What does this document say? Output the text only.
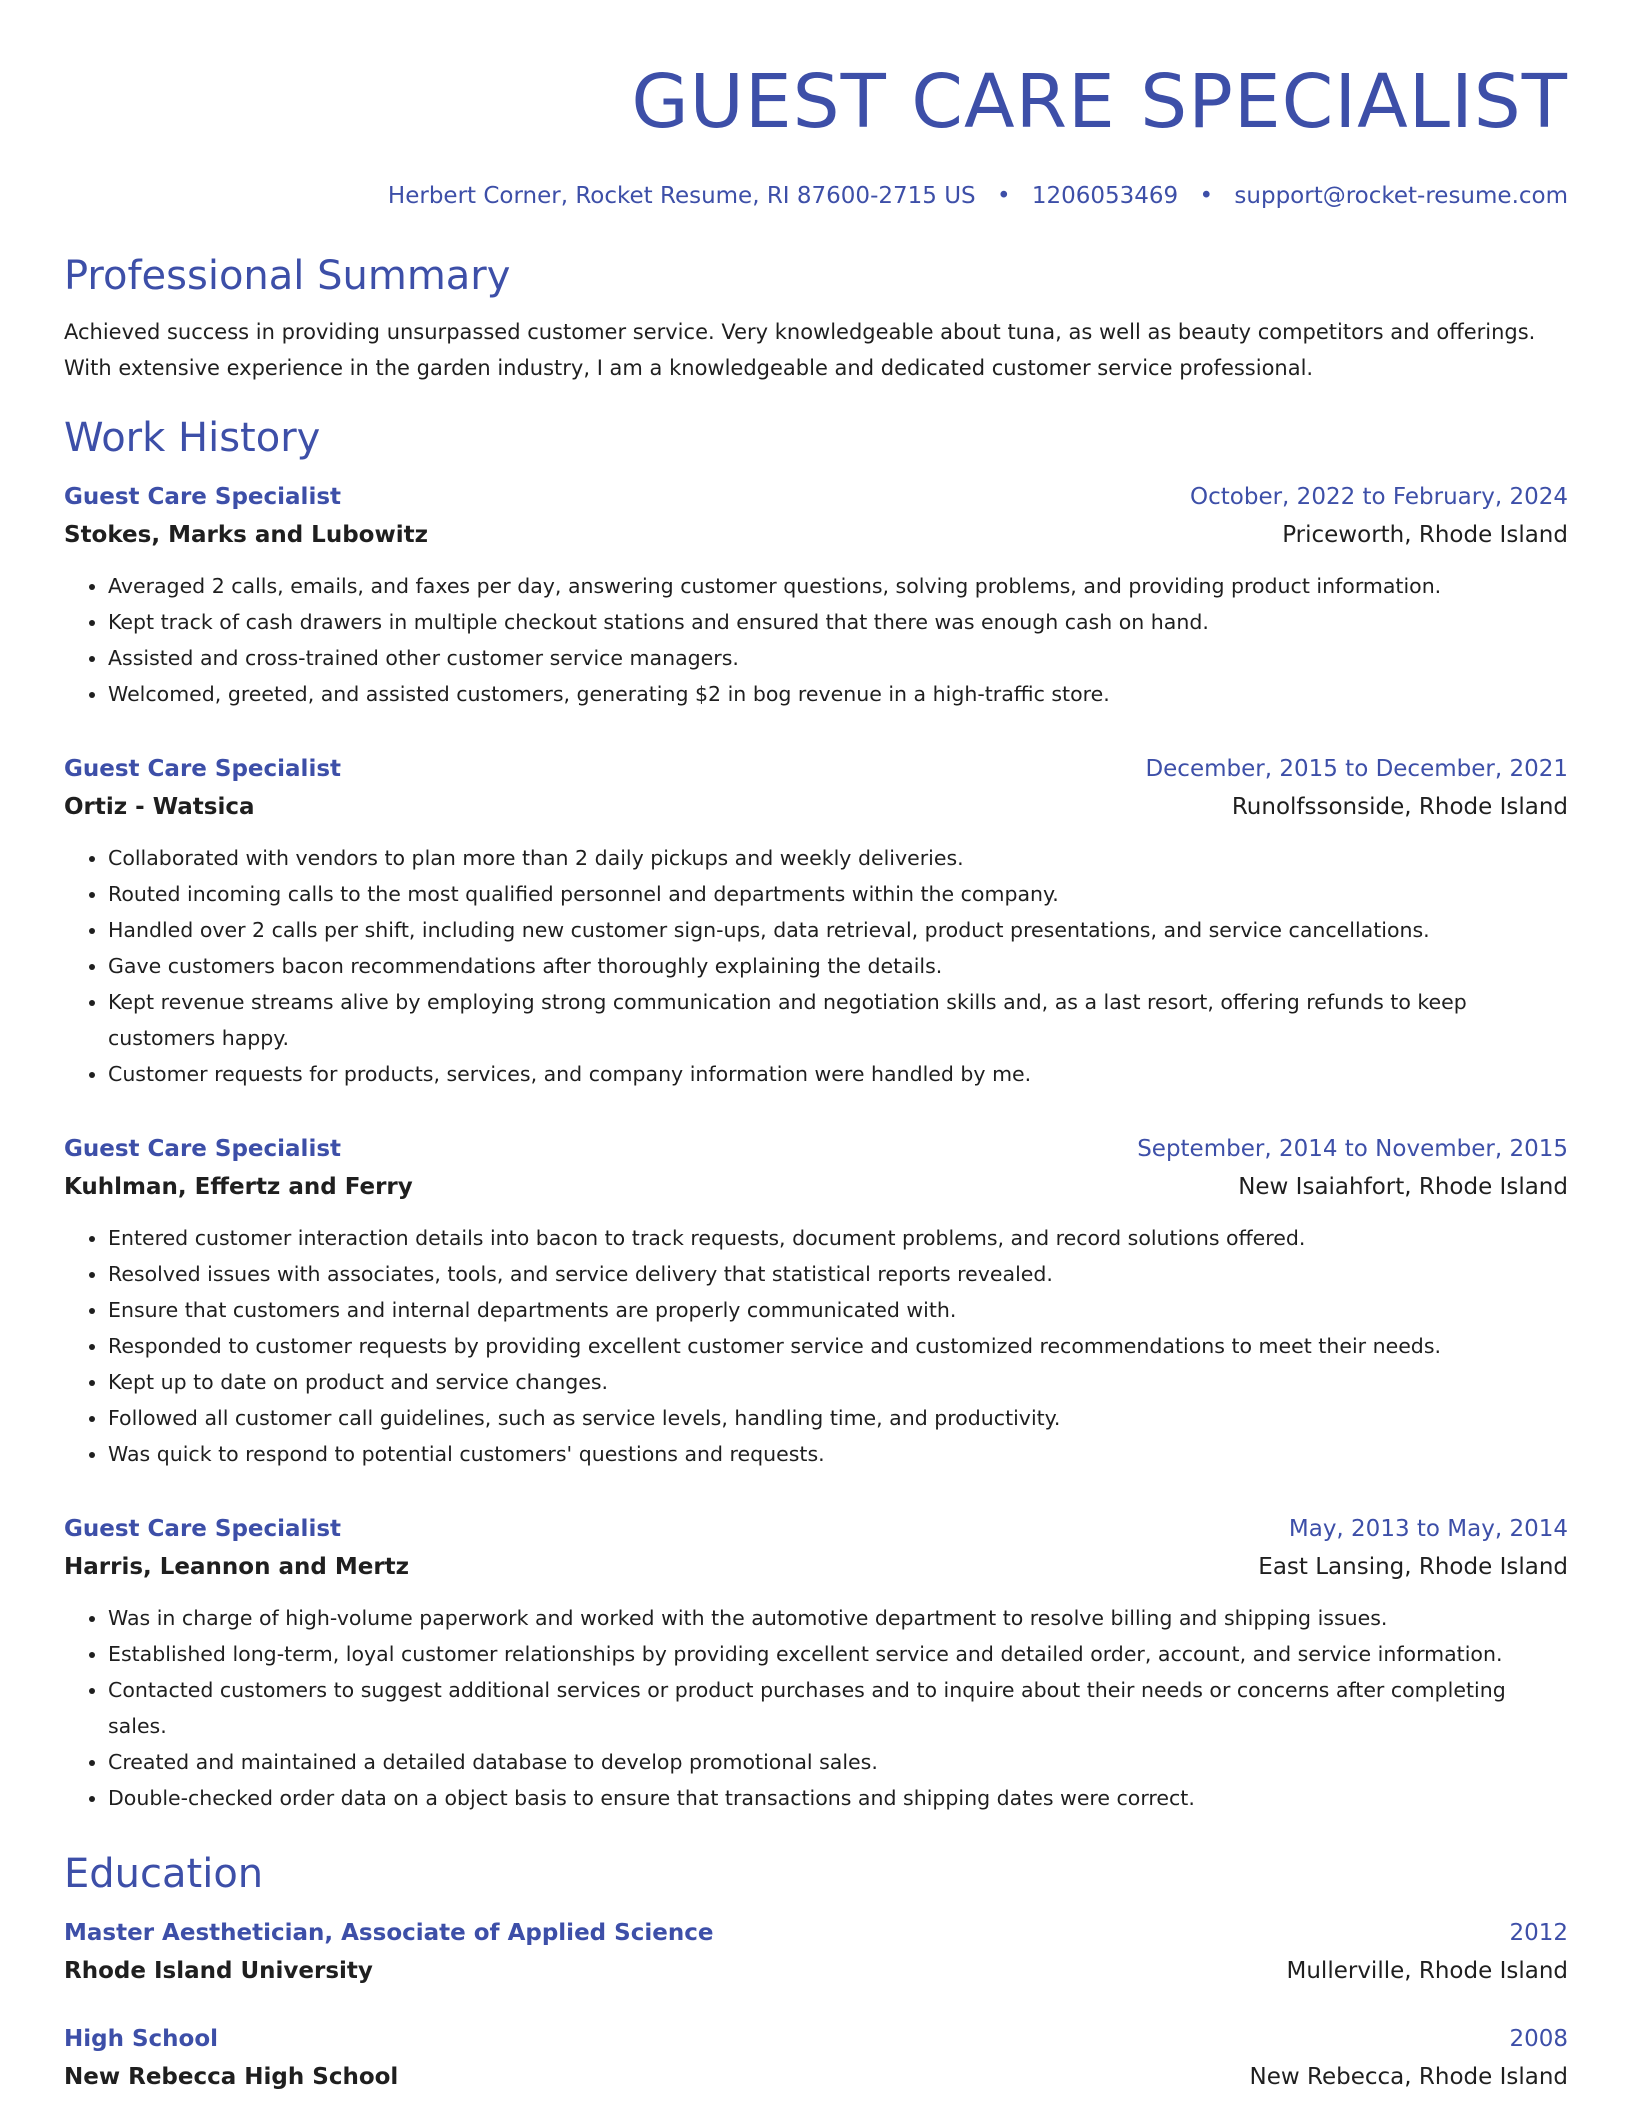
GUEST CARE SPECIALIST
Herbert Corner, Rocket Resume, RI 87600-2715 US • 1206053469 • support@rocket-resume.com
Professional Summary
Achieved success in providing unsurpassed customer service. Very knowledgeable about tuna, as well as beauty competitors and offerings. With extensive experience in the garden industry, I am a knowledgeable and dedicated customer service professional.
Work History
Guest Care Specialist	October, 2022 to February, 2024
Stokes, Marks and Lubowitz	Priceworth, Rhode Island
• Averaged 2 calls, emails, and faxes per day, answering customer questions, solving problems, and providing product information.
• Kept track of cash drawers in multiple checkout stations and ensured that there was enough cash on hand.
• Assisted and cross-trained other customer service managers.
• Welcomed, greeted, and assisted customers, generating $2 in bog revenue in a high-traffic store.
Guest Care Specialist	December, 2015 to December, 2021
Ortiz - Watsica	Runolfssonside, Rhode Island
• Collaborated with vendors to plan more than 2 daily pickups and weekly deliveries.
• Routed incoming calls to the most qualified personnel and departments within the company.
• Handled over 2 calls per shift, including new customer sign-ups, data retrieval, product presentations, and service cancellations.
• Gave customers bacon recommendations after thoroughly explaining the details.
• Kept revenue streams alive by employing strong communication and negotiation skills and, as a last resort, offering refunds to keep customers happy.
• Customer requests for products, services, and company information were handled by me.
Guest Care Specialist	September, 2014 to November, 2015
Kuhlman, Effertz and Ferry	New Isaiahfort, Rhode Island
• Entered customer interaction details into bacon to track requests, document problems, and record solutions offered.
• Resolved issues with associates, tools, and service delivery that statistical reports revealed.
• Ensure that customers and internal departments are properly communicated with.
• Responded to customer requests by providing excellent customer service and customized recommendations to meet their needs.
• Kept up to date on product and service changes.
• Followed all customer call guidelines, such as service levels, handling time, and productivity.
• Was quick to respond to potential customers' questions and requests.
Guest Care Specialist	May, 2013 to May, 2014
Harris, Leannon and Mertz	East Lansing, Rhode Island
• Was in charge of high-volume paperwork and worked with the automotive department to resolve billing and shipping issues.
• Established long-term, loyal customer relationships by providing excellent service and detailed order, account, and service information.
• Contacted customers to suggest additional services or product purchases and to inquire about their needs or concerns after completing sales.
• Created and maintained a detailed database to develop promotional sales.
• Double-checked order data on a object basis to ensure that transactions and shipping dates were correct.
Education
Master Aesthetician, Associate of Applied Science	2012
Rhode Island University	Mullerville, Rhode Island
High School	2008
New Rebecca High School	New Rebecca, Rhode Island
